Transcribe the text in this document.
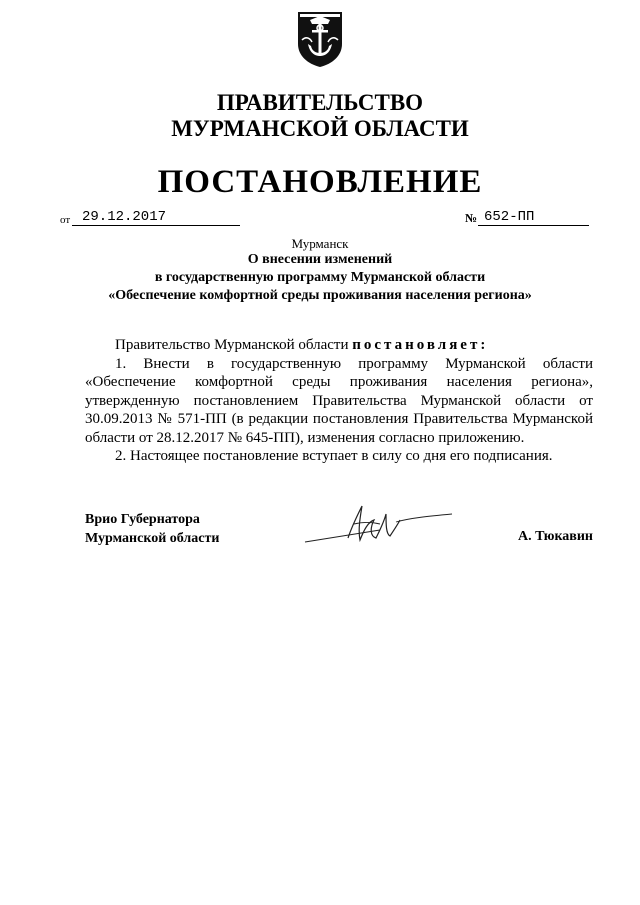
ПРАВИТЕЛЬСТВО
МУРМАНСКОЙ ОБЛАСТИ
ПОСТАНОВЛЕНИЕ
от 29.12.2017	№ 652-ПП
Мурманск
О внесении изменений
в государственную программу Мурманской области
«Обеспечение комфортной среды проживания населения региона»

Правительство Мурманской области постановляет:

1. Внести в государственную программу Мурманской области «Обеспечение комфортной среды проживания населения региона», утвержденную постановлением Правительства Мурманской области от 30.09.2013 № 571-ПП (в редакции постановления Правительства Мурманской области от 28.12.2017 № 645-ПП), изменения согласно приложению.

2. Настоящее постановление вступает в силу со дня его подписания.

Врио Губернатора
Мурманской области	А. Тюкавин
